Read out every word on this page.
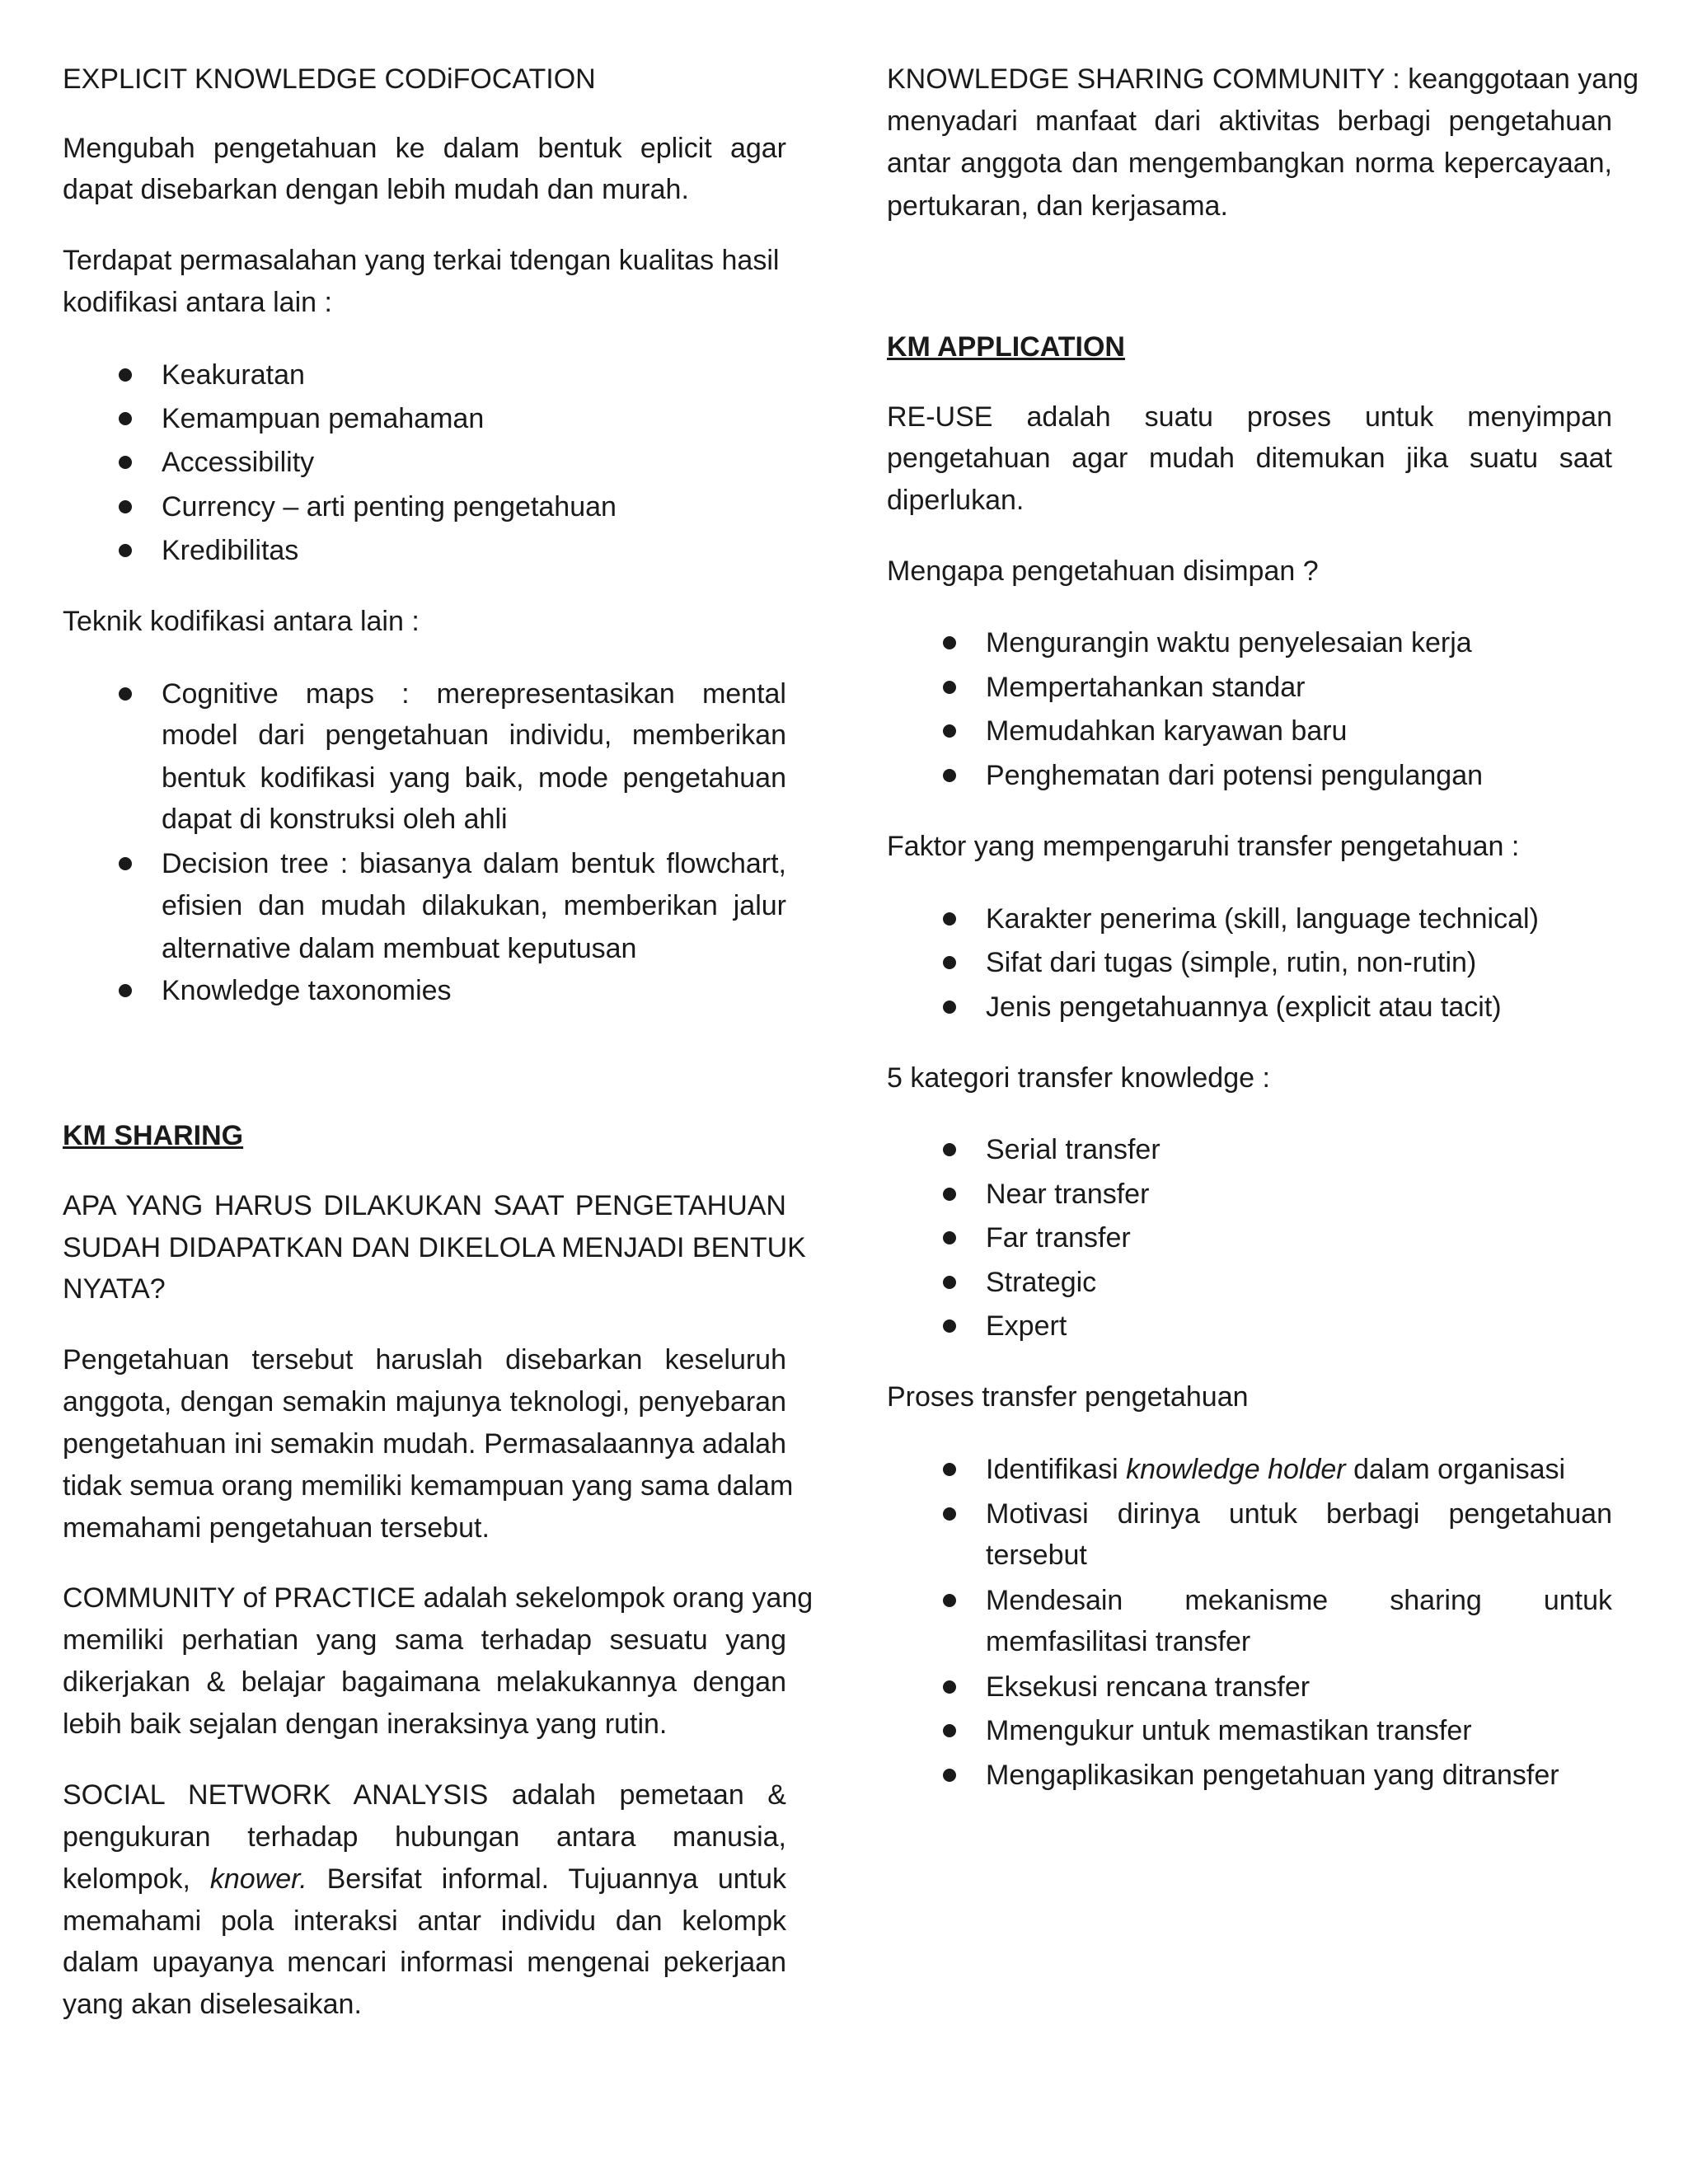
EXPLICIT KNOWLEDGE CODiFOCATION

Mengubah pengetahuan ke dalam bentuk eplicit agar

dapat disebarkan dengan lebih mudah dan murah.

Terdapat permasalahan yang terkai tdengan kualitas hasil

kodifikasi antara lain :

Keakuratan

Kemampuan pemahaman

Accessibility

Currency – arti penting pengetahuan

Kredibilitas

Teknik kodifikasi antara lain :

Cognitive maps : merepresentasikan mental

model dari pengetahuan individu, memberikan

bentuk kodifikasi yang baik, mode pengetahuan

dapat di konstruksi oleh ahli

Decision tree : biasanya dalam bentuk flowchart,

efisien dan mudah dilakukan, memberikan jalur

alternative dalam membuat keputusan

Knowledge taxonomies

KM SHARING

APA YANG HARUS DILAKUKAN SAAT PENGETAHUAN

SUDAH DIDAPATKAN DAN DIKELOLA MENJADI BENTUK

NYATA?

Pengetahuan tersebut haruslah disebarkan keseluruh

anggota, dengan semakin majunya teknologi, penyebaran

pengetahuan ini semakin mudah. Permasalaannya adalah

tidak semua orang memiliki kemampuan yang sama dalam

memahami pengetahuan tersebut.

COMMUNITY of PRACTICE adalah sekelompok orang yang

memiliki perhatian yang sama terhadap sesuatu yang

dikerjakan & belajar bagaimana melakukannya dengan

lebih baik sejalan dengan ineraksinya yang rutin.

SOCIAL NETWORK ANALYSIS adalah pemetaan &

pengukuran terhadap hubungan antara manusia,

kelompok, knower. Bersifat informal. Tujuannya untuk

memahami pola interaksi antar individu dan kelompk

dalam upayanya mencari informasi mengenai pekerjaan

yang akan diselesaikan.

KNOWLEDGE SHARING COMMUNITY : keanggotaan yang

menyadari manfaat dari aktivitas berbagi pengetahuan

antar anggota dan mengembangkan norma kepercayaan,

pertukaran, dan kerjasama.

KM APPLICATION

RE-USE adalah suatu proses untuk menyimpan

pengetahuan agar mudah ditemukan jika suatu saat

diperlukan.

Mengapa pengetahuan disimpan ?

Mengurangin waktu penyelesaian kerja

Mempertahankan standar

Memudahkan karyawan baru

Penghematan dari potensi pengulangan

Faktor yang mempengaruhi transfer pengetahuan :

Karakter penerima (skill, language technical)

Sifat dari tugas (simple, rutin, non-rutin)

Jenis pengetahuannya (explicit atau tacit)

5 kategori transfer knowledge :

Serial transfer

Near transfer

Far transfer

Strategic

Expert

Proses transfer pengetahuan

Identifikasi knowledge holder dalam organisasi

Motivasi dirinya untuk berbagi pengetahuan

tersebut

Mendesain mekanisme sharing untuk

memfasilitasi transfer

Eksekusi rencana transfer

Mmengukur untuk memastikan transfer

Mengaplikasikan pengetahuan yang ditransfer
